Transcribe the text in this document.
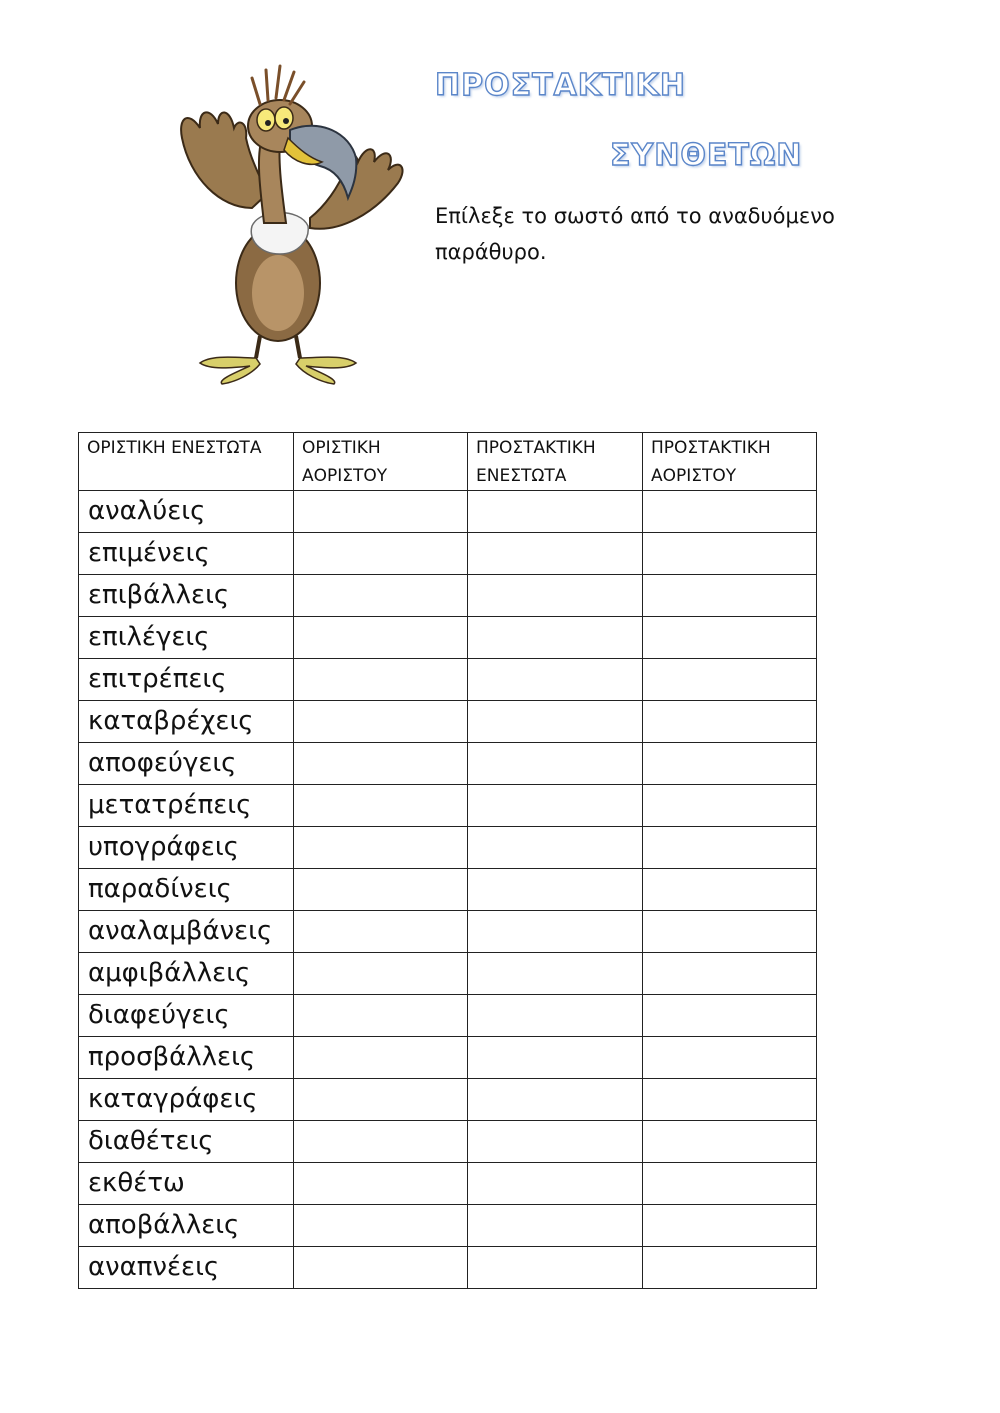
ΠΡΟΣΤΑΚΤΙΚΗ
ΣΥΝΘΕΤΩΝ
Επίλεξε το σωστό από το αναδυόμενο παράθυρο.
ΟΡΙΣΤΙΚΗ ΕΝΕΣΤΩΤΑ	ΟΡΙΣΤΙΚΗ ΑΟΡΙΣΤΟΥ	ΠΡΟΣΤΑΚΤΙΚΗ ΕΝΕΣΤΩΤΑ	ΠΡΟΣΤΑΚΤΙΚΗ ΑΟΡΙΣΤΟΥ
αναλύεις			
επιμένεις			
επιβάλλεις			
επιλέγεις			
επιτρέπεις			
καταβρέχεις			
αποφεύγεις			
μετατρέπεις			
υπογράφεις			
παραδίνεις			
αναλαμβάνεις			
αμφιβάλλεις			
διαφεύγεις			
προσβάλλεις			
καταγράφεις			
διαθέτεις			
εκθέτω			
αποβάλλεις			
αναπνέεις			
